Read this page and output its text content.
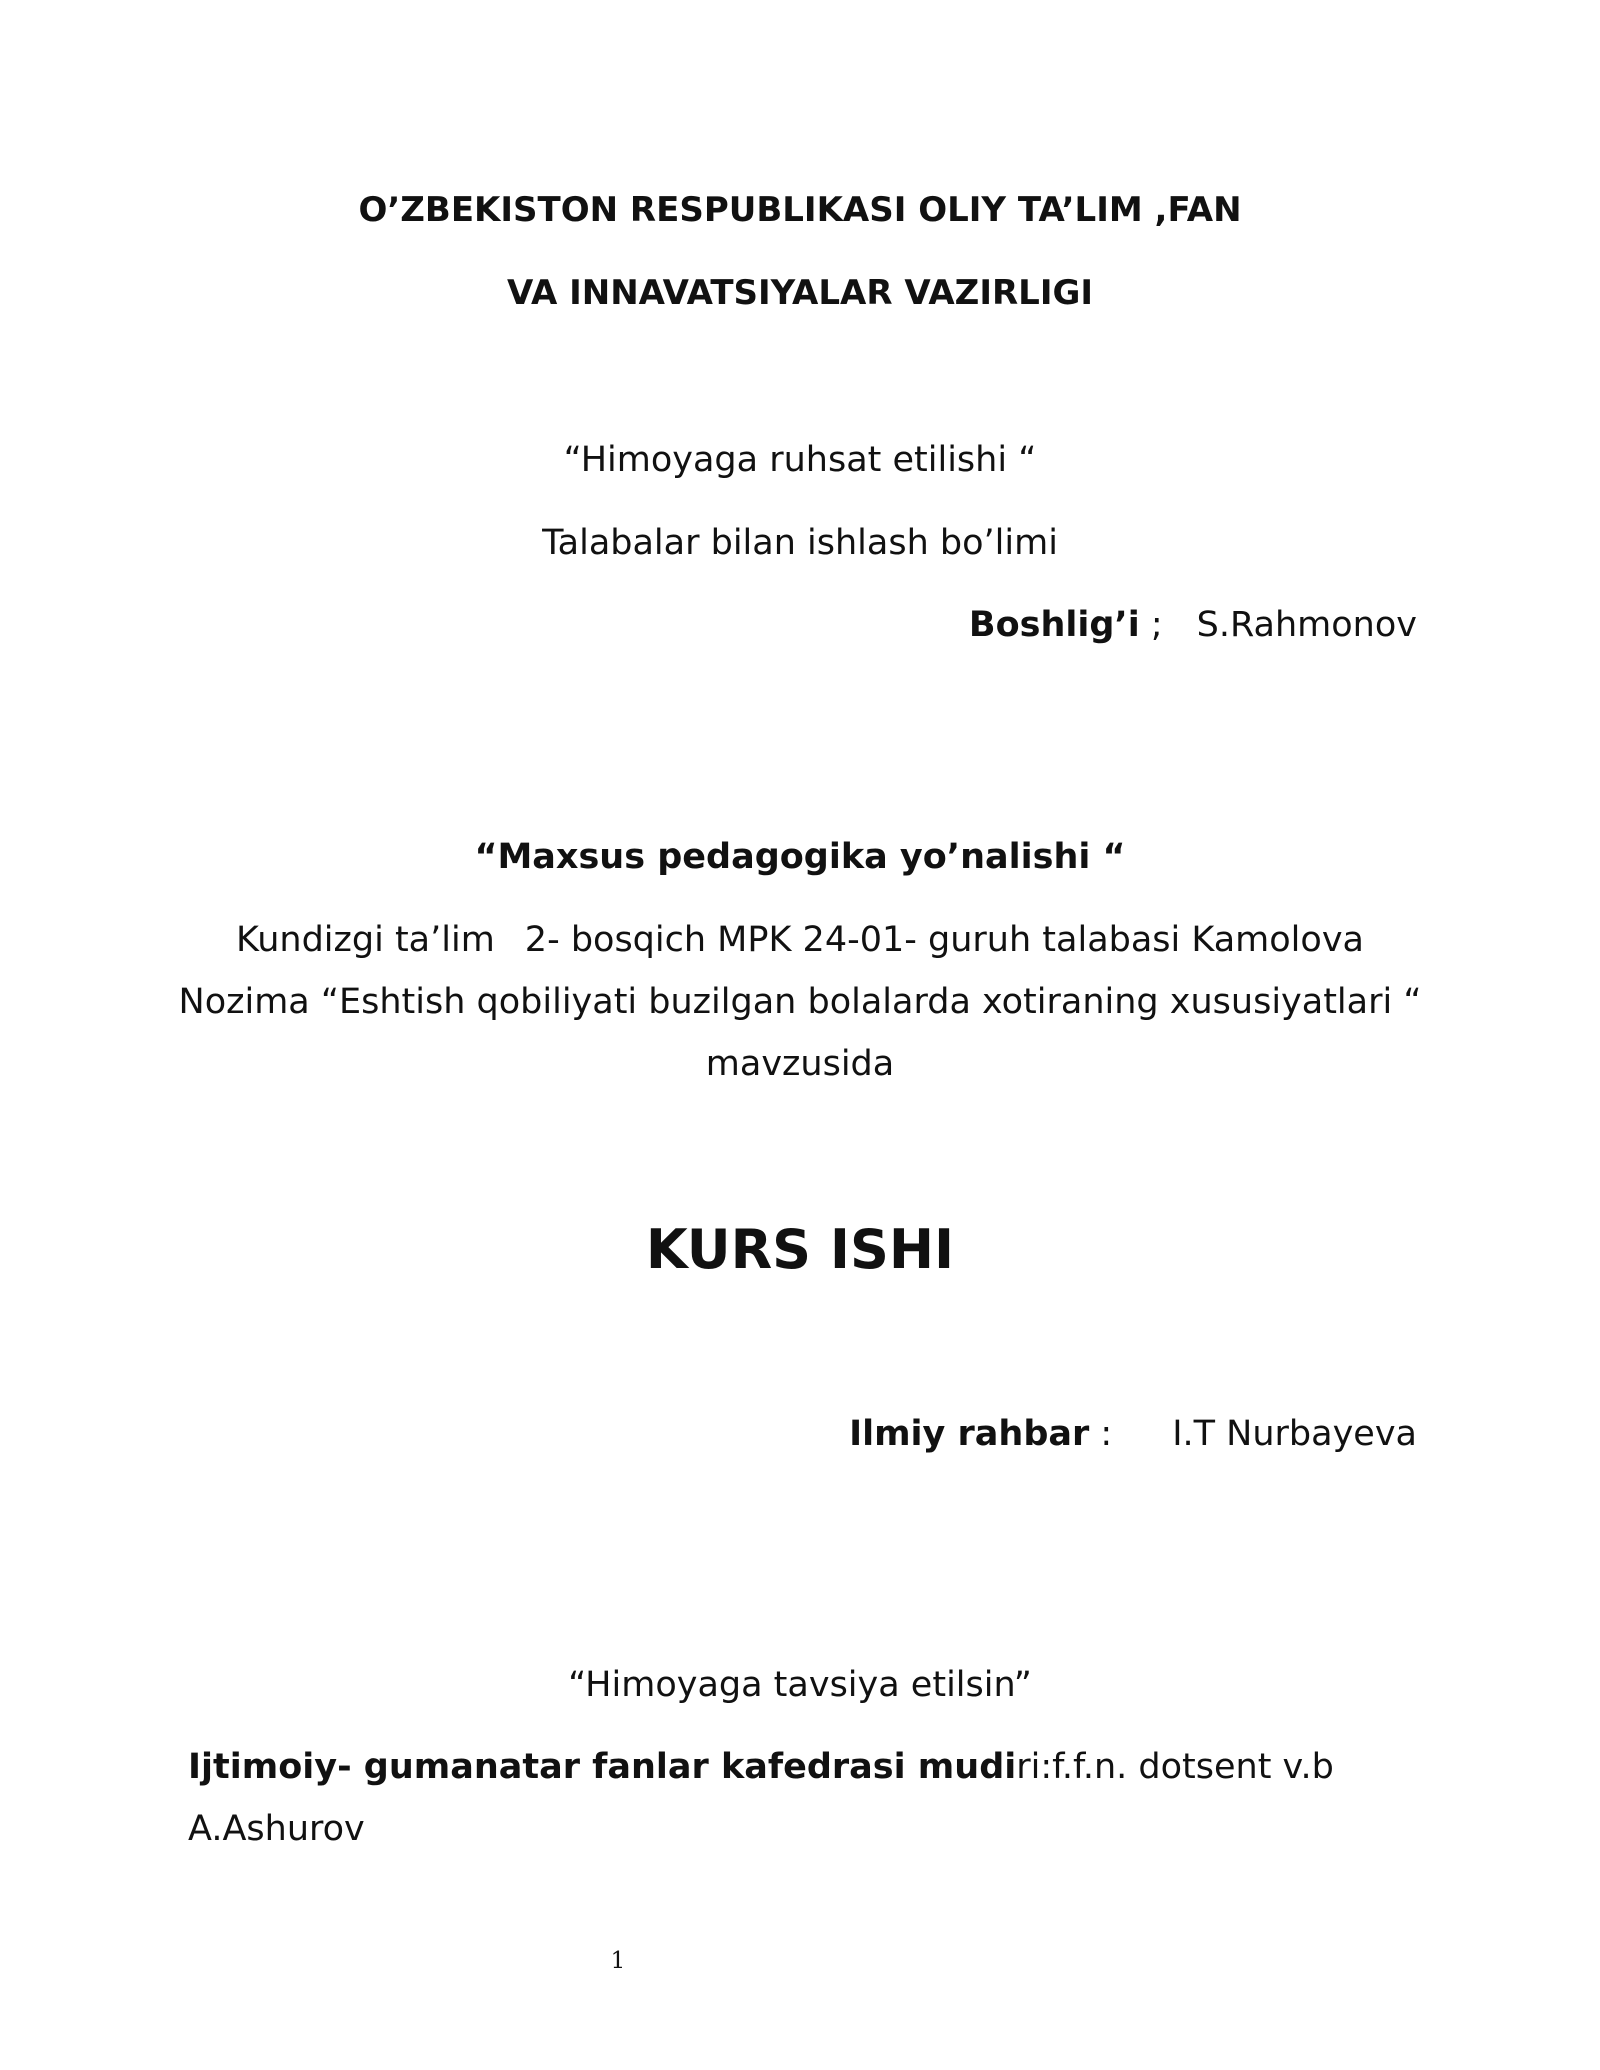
O’ZBEKISTON RESPUBLIKASI OLIY TA’LIM ,FAN
VA INNAVATSIYALAR VAZIRLIGI
“Himoyaga ruhsat etilishi “
Talabalar bilan ishlash bo’limi
Boshlig’i ; S.Rahmonov
“Maxsus pedagogika yo’nalishi “
Kundizgi ta’lim 2- bosqich MPK 24-01- guruh talabasi Kamolova
Nozima “Eshtish qobiliyati buzilgan bolalarda xotiraning xususiyatlari “
mavzusida
KURS ISHI
Ilmiy rahbar : I.T Nurbayeva
“Himoyaga tavsiya etilsin”
Ijtimoiy- gumanatar fanlar kafedrasi mudiri:f.f.n. dotsent v.b
A.Ashurov
1
